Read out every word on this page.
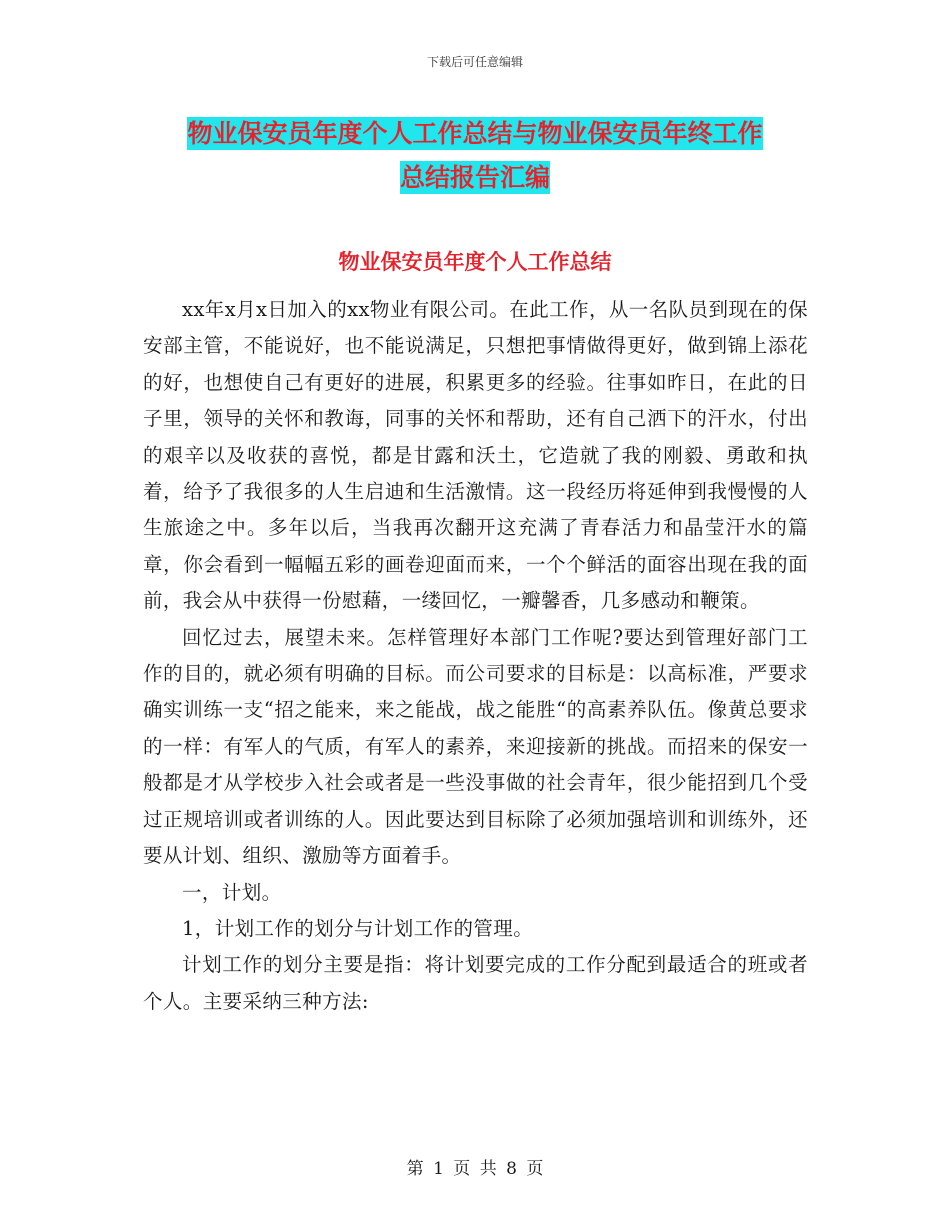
下载后可任意编辑
物业保安员年度个人工作总结与物业保安员年终工作
总结报告汇编
物业保安员年度个人工作总结

xx年x月x日加入的xx物业有限公司。在此工作，从一名队员到现在的保安部主管，不能说好，也不能说满足，只想把事情做得更好，做到锦上添花的好，也想使自己有更好的进展，积累更多的经验。往事如昨日，在此的日子里，领导的关怀和教诲，同事的关怀和帮助，还有自己洒下的汗水，付出的艰辛以及收获的喜悦，都是甘露和沃土，它造就了我的刚毅、勇敢和执着，给予了我很多的人生启迪和生活激情。这一段经历将延伸到我慢慢的人生旅途之中。多年以后，当我再次翻开这充满了青春活力和晶莹汗水的篇章，你会看到一幅幅五彩的画卷迎面而来，一个个鲜活的面容出现在我的面前，我会从中获得一份慰藉，一缕回忆，一瓣馨香，几多感动和鞭策。

回忆过去，展望未来。怎样管理好本部门工作呢?要达到管理好部门工作的目的，就必须有明确的目标。而公司要求的目标是：以高标准，严要求确实训练一支“招之能来，来之能战，战之能胜“的高素养队伍。像黄总要求的一样：有军人的气质，有军人的素养，来迎接新的挑战。而招来的保安一般都是才从学校步入社会或者是一些没事做的社会青年，很少能招到几个受过正规培训或者训练的人。因此要达到目标除了必须加强培训和训练外，还要从计划、组织、激励等方面着手。

一，计划。

1，计划工作的划分与计划工作的管理。

计划工作的划分主要是指：将计划要完成的工作分配到最适合的班或者个人。主要采纳三种方法:

第 1 页 共 8 页
